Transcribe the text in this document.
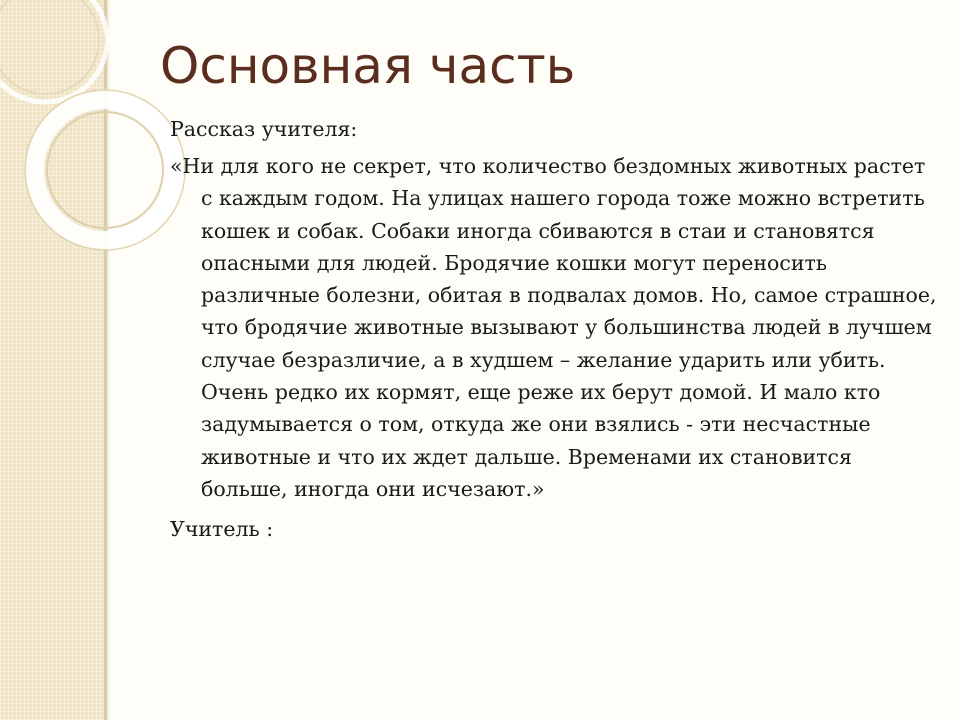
Основная часть

Рассказ учителя:

«Ни для кого не секрет, что количество бездомных животных растет с каждым годом. На улицах нашего города тоже можно встретить кошек и собак. Собаки иногда сбиваются в стаи и становятся опасными для людей. Бродячие кошки могут переносить различные болезни, обитая в подвалах домов. Но, самое страшное, что бродячие животные вызывают у большинства людей в лучшем случае безразличие, а в худшем – желание ударить или убить. Очень редко их кормят, еще реже их берут домой. И мало кто задумывается о том, откуда же они взялись - эти несчастные животные и что их ждет дальше. Временами их становится больше, иногда они исчезают.»

Учитель :
